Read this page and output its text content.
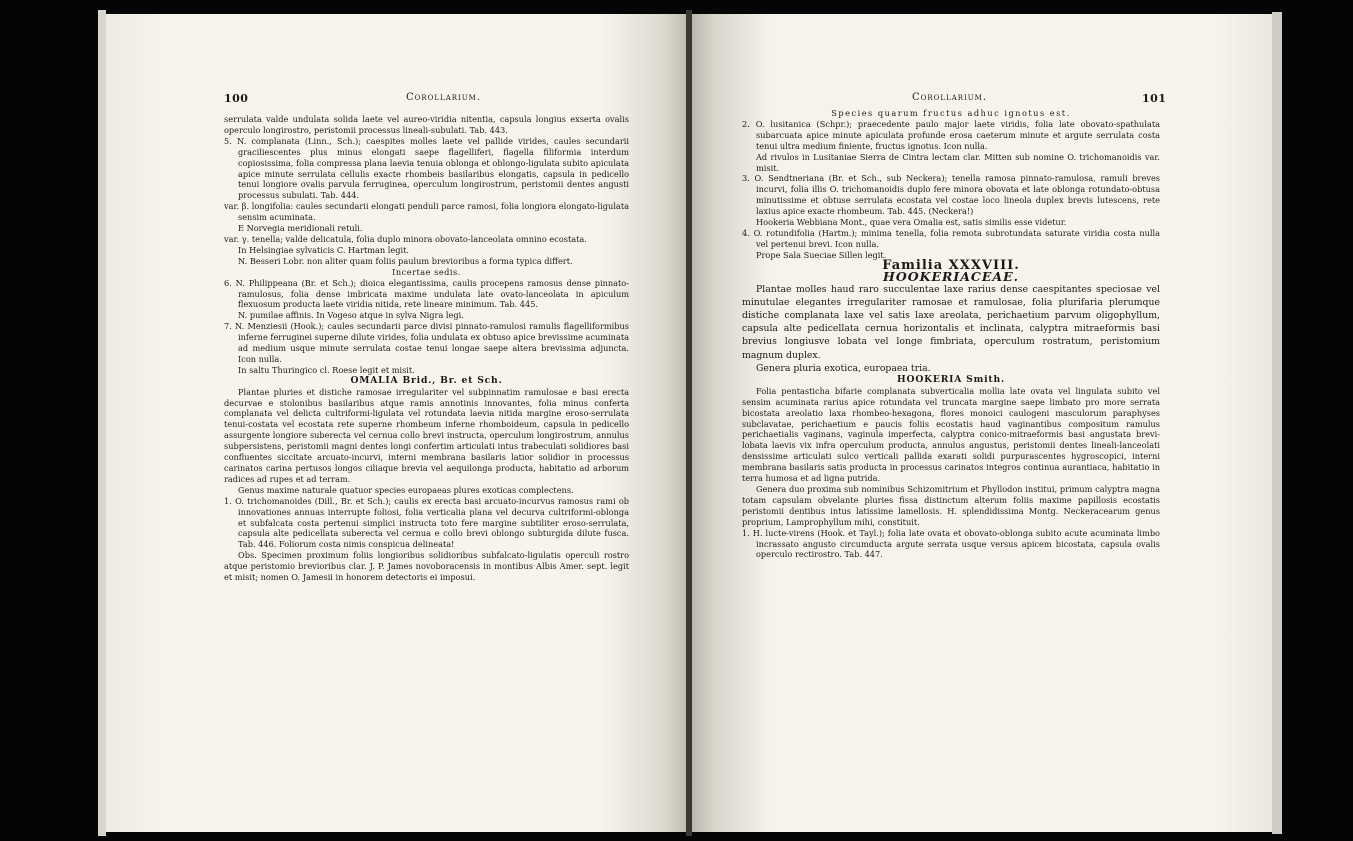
100	Corollarium.

serrulata valde undulata solida laete vel aureo-viridia nitentia, capsula longius exserta ovalis operculo longirostro, peristomii processus lineali-subulati. Tab. 443.

5. N. complanata (Linn., Sch.); caespites molles laete vel pallide virides, caules secundarii graciliescentes plus minus elongati saepe flagelliferi, flagella filiformia interdum copiosissima, folia compressa plana laevia tenuia oblonga et oblongo-ligulata subito apiculata apice minute serrulata cellulis exacte rhombeis basilaribus elongatis, capsula in pedicello tenui longiore ovalis parvula ferruginea, operculum longirostrum, peristomii dentes angusti processus subulati. Tab. 444.

var. β. longifolia: caules secundarii elongati penduli parce ramosi, folia longiora elongato-ligulata sensim acuminata.

E Norvegia meridionali retuli.

var. γ. tenella; valde delicatula, folia duplo minora obovato-lanceolata omnino ecostata.

In Helsingiae sylvaticis C. Hartman legit.

N. Besseri Lobr. non aliter quam foliis paulum brevioribus a forma typica differt.

Incertae sedis.

6. N. Philippeana (Br. et Sch.); dioica elegantissima, caulis procepens ramosus dense pinnato-ramulosus, folia dense imbricata maxime undulata late ovato-lanceolata in apiculum flexuosum producta laete viridia nitida, rete lineare minimum. Tab. 445.

N. pumilae affinis. In Vogeso atque in sylva Nigra legi.

7. N. Menziesii (Hook.); caules secundarii parce divisi pinnato-ramulosi ramulis flagelliformibus inferne ferruginei superne dilute virides, folia undulata ex obtuso apice brevissime acuminata ad medium usque minute serrulata costae tenui longae saepe altera brevissima adjuncta. Icon nulla.

In saltu Thuringico cl. Roese legit et misit.

OMALIA Brid., Br. et Sch.

Plantae pluries et distiche ramosae irregulariter vel subpinnatim ramulosae e basi erecta decurvae e stolonibus basilaribus atque ramis annotinis innovantes, folia minus conferta complanata vel delicta cultriformi-ligulata vel rotundata laevia nitida margine eroso-serrulata tenui-costata vel ecostata rete superne rhombeum inferne rhomboideum, capsula in pedicello assurgente longiore suberecta vel cernua collo brevi instructa, operculum longirostrum, annulus subpersistens, peristomii magni dentes longi confertim articulati intus trabeculati solidiores basi confluentes siccitate arcuato-incurvi, interni membrana basilaris latior solidior in processus carinatos carina pertusos longos ciliaque brevia vel aequilonga producta, habitatio ad arborum radices ad rupes et ad terram.

Genus maxime naturale quatuor species europaeas plures exoticas complectens.

1. O. trichomanoides (Dill., Br. et Sch.); caulis ex erecta basi arcuato-incurvus ramosus rami ob innovationes annuas interrupte foliosi, folia verticalia plana vel decurva cultriformi-oblonga et subfalcata costa pertenui simplici instructa toto fere margine subtiliter eroso-serrulata, capsula alte pedicellata suberecta vel cernua e collo brevi oblongo subturgida dilute fusca. Tab. 446. Foliorum costa nimis conspicua delineata!

Obs. Specimen proximum foliis longioribus solidioribus subfalcato-ligulatis operculi rostro atque peristomio brevioribus clar. J. P. James novoboracensis in montibus Albis Amer. sept. legit et misit; nomen O. Jamesii in honorem detectoris ei imposui.

Corollarium.	101

Species quarum fructus adhuc ignotus est.

2. O. lusitanica (Schpr.); praecedente paulo major laete viridis, folia late obovato-spathulata subarcuata apice minute apiculata profunde erosa caeterum minute et argute serrulata costa tenui ultra medium finiente, fructus ignotus. Icon nulla.

Ad rivulos in Lusitaniae Sierra de Cintra lectam clar. Mitten sub nomine O. trichomanoidis var. misit.

3. O. Sendtneriana (Br. et Sch., sub Neckera); tenella ramosa pinnato-ramulosa, ramuli breves incurvi, folia illis O. trichomanoidis duplo fere minora obovata et late oblonga rotundato-obtusa minutissime et obtuse serrulata ecostata vel costae loco lineola duplex brevis lutescens, rete laxius apice exacte rhombeum. Tab. 445. (Neckera!)

Hookeria Webbiana Mont., quae vera Omalia est, satis similis esse videtur.

4. O. rotundifolia (Hartm.); minima tenella, folia remota subrotundata saturate viridia costa nulla vel pertenui brevi. Icon nulla.

Prope Sala Sueciae Sillen legit.

Familia XXXVIII.

HOOKERIACEAE.

Plantae molles haud raro succulentae laxe rarius dense caespitantes speciosae vel minutulae elegantes irregulariter ramosae et ramulosae, folia plurifaria plerumque distiche complanata laxe vel satis laxe areolata, perichaetium parvum oligophyllum, capsula alte pedicellata cernua horizontalis et inclinata, calyptra mitraeformis basi brevius longiusve lobata vel longe fimbriata, operculum rostratum, peristomium magnum duplex.

Genera pluria exotica, europaea tria.

HOOKERIA Smith.

Folia pentasticha bifarie complanata subverticalia mollia late ovata vel lingulata subito vel sensim acuminata rarius apice rotundata vel truncata margine saepe limbato pro more serrata bicostata areolatio laxa rhombeo-hexagona, flores monoici caulogeni masculorum paraphyses subclavatae, perichaetium e paucis foliis ecostatis haud vaginantibus compositum ramulus perichaetialis vaginans, vaginula imperfecta, calyptra conico-mitraeformis basi angustata brevi-lobata laevis vix infra operculum producta, annulus angustus, peristomii dentes lineali-lanceolati densissime articulati sulco verticali pallida exarati solidi purpurascentes hygroscopici, interni membrana basilaris satis producta in processus carinatos integros continua aurantiaca, habitatio in terra humosa et ad ligna putrida.

Genera duo proxima sub nominibus Schizomitrium et Phyllodon institui, primum calyptra magna totam capsulam obvelante pluries fissa distinctum alterum foliis maxime papillosis ecostatis peristomii dentibus intus latissime lamellosis. H. splendidissima Montg. Neckeracearum genus proprium, Lamprophyllum mihi, constituit.

1. H. lucte-virens (Hook. et Tayl.); folia late ovata et obovato-oblonga subito acute acuminata limbo incrassato angusto circumducta argute serrata usque versus apicem bicostata, capsula ovalis operculo rectirostro. Tab. 447.
